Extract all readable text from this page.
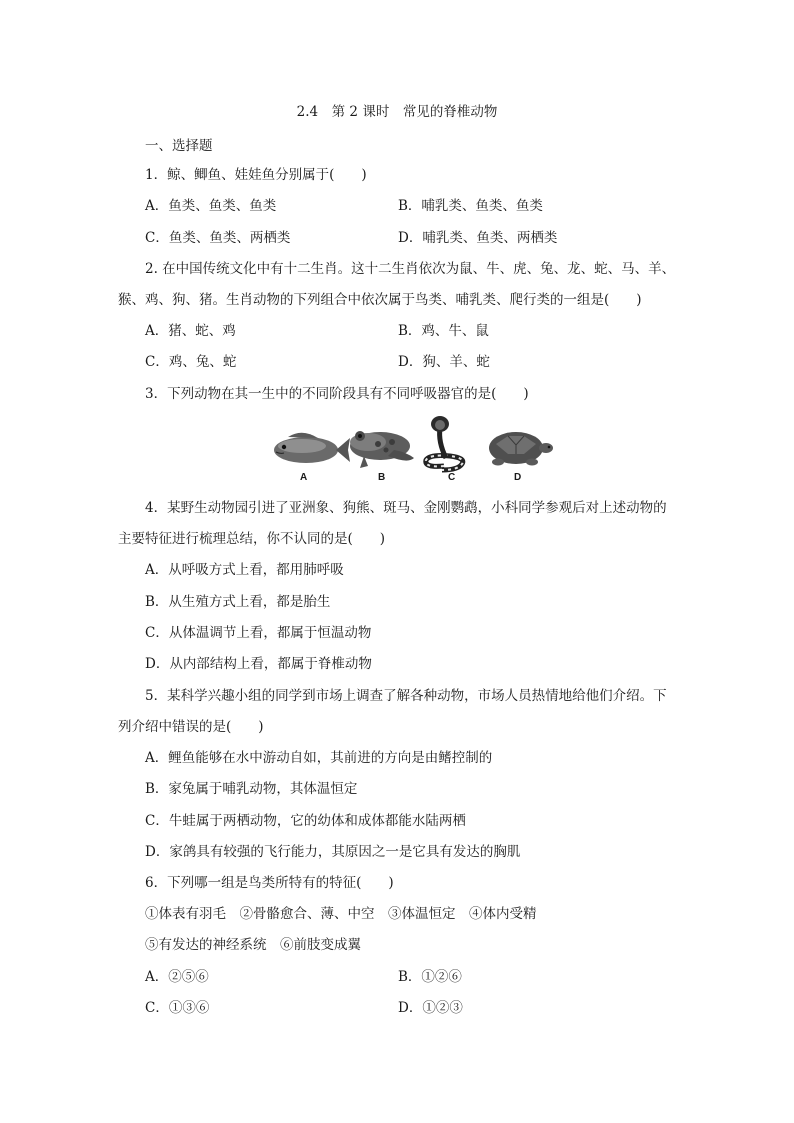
2.4　第 2 课时　常见的脊椎动物
一、选择题
1．鲸、鲫鱼、娃娃鱼分别属于(　　)
A．鱼类、鱼类、鱼类	B．哺乳类、鱼类、鱼类
C．鱼类、鱼类、两栖类	D．哺乳类、鱼类、两栖类
2. 在中国传统文化中有十二生肖。这十二生肖依次为鼠、牛、虎、兔、龙、蛇、马、羊、
猴、鸡、狗、猪。生肖动物的下列组合中依次属于鸟类、哺乳类、爬行类的一组是(　　)
A．猪、蛇、鸡	B．鸡、牛、鼠
C．鸡、兔、蛇	D．狗、羊、蛇
3．下列动物在其一生中的不同阶段具有不同呼吸器官的是(　　)
A	B	C	D
4．某野生动物园引进了亚洲象、狗熊、斑马、金刚鹦鹉，小科同学参观后对上述动物的
主要特征进行梳理总结，你不认同的是(　　)
A．从呼吸方式上看，都用肺呼吸
B．从生殖方式上看，都是胎生
C．从体温调节上看，都属于恒温动物
D．从内部结构上看，都属于脊椎动物
5．某科学兴趣小组的同学到市场上调查了解各种动物，市场人员热情地给他们介绍。下
列介绍中错误的是(　　)
A．鲤鱼能够在水中游动自如，其前进的方向是由鳍控制的
B．家兔属于哺乳动物，其体温恒定
C．牛蛙属于两栖动物，它的幼体和成体都能水陆两栖
D．家鸽具有较强的飞行能力，其原因之一是它具有发达的胸肌
6．下列哪一组是鸟类所特有的特征(　　)
①体表有羽毛　②骨骼愈合、薄、中空　③体温恒定　④体内受精
⑤有发达的神经系统　⑥前肢变成翼
A．②⑤⑥	B．①②⑥
C．①③⑥	D．①②③
